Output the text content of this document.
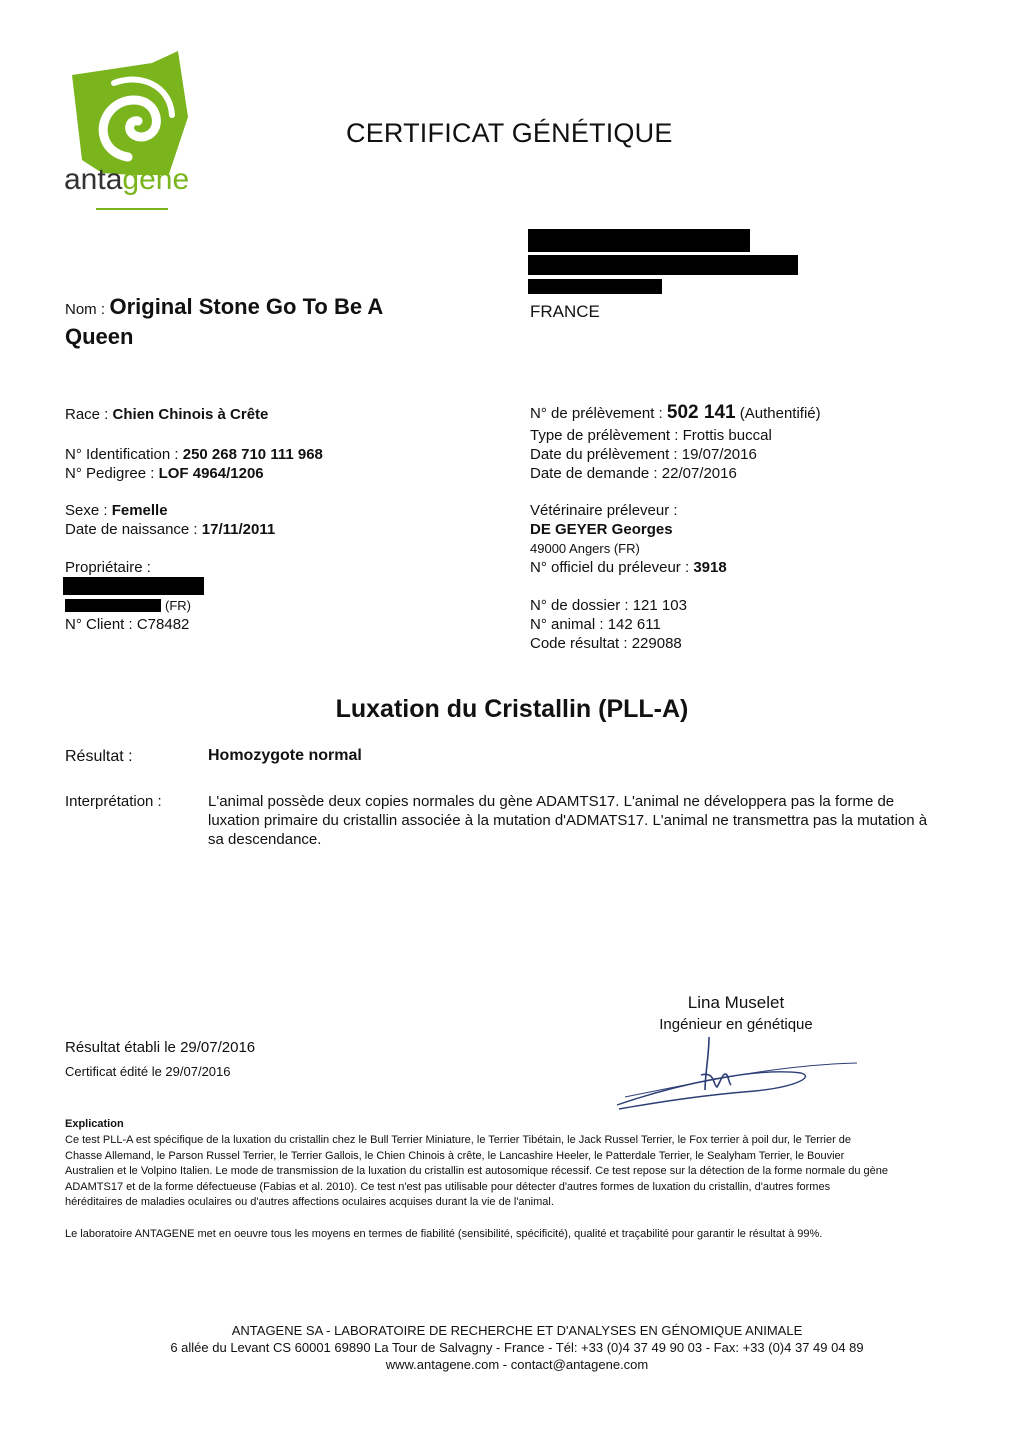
antagene
CERTIFICAT GÉNÉTIQUE
FRANCE
Nom : Original Stone Go To Be A
Queen
Race : Chien Chinois à Crête
N° Identification : 250 268 710 111 968
N° Pedigree : LOF 4964/1206
Sexe : Femelle
Date de naissance : 17/11/2011
Propriétaire :
(FR)
N° Client : C78482
N° de prélèvement : 502 141 (Authentifié)
Type de prélèvement : Frottis buccal
Date du prélèvement : 19/07/2016
Date de demande : 22/07/2016
Vétérinaire préleveur :
DE GEYER Georges
49000 Angers (FR)
N° officiel du préleveur : 3918
N° de dossier : 121 103
N° animal : 142 611
Code résultat : 229088
Luxation du Cristallin (PLL-A)
Résultat :	Homozygote normal
Interprétation :	L'animal possède deux copies normales du gène ADAMTS17. L'animal ne développera pas la forme de
luxation primaire du cristallin associée à la mutation d'ADMATS17. L'animal ne transmettra pas la mutation à
sa descendance.
Lina Muselet
Ingénieur en génétique
Résultat établi le 29/07/2016
Certificat édité le 29/07/2016
Explication
Ce test PLL-A est spécifique de la luxation du cristallin chez le Bull Terrier Miniature, le Terrier Tibétain, le Jack Russel Terrier, le Fox terrier à poil dur, le Terrier de
Chasse Allemand, le Parson Russel Terrier, le Terrier Gallois, le Chien Chinois à crête, le Lancashire Heeler, le Patterdale Terrier, le Sealyham Terrier, le Bouvier
Australien et le Volpino Italien. Le mode de transmission de la luxation du cristallin est autosomique récessif. Ce test repose sur la détection de la forme normale du gène
ADAMTS17 et de la forme défectueuse (Fabias et al. 2010). Ce test n'est pas utilisable pour détecter d'autres formes de luxation du cristallin, d'autres formes
héréditaires de maladies oculaires ou d'autres affections oculaires acquises durant la vie de l'animal.
Le laboratoire ANTAGENE met en oeuvre tous les moyens en termes de fiabilité (sensibilité, spécificité), qualité et traçabilité pour garantir le résultat à 99%.
ANTAGENE SA - LABORATOIRE DE RECHERCHE ET D'ANALYSES EN GÉNOMIQUE ANIMALE
6 allée du Levant CS 60001 69890 La Tour de Salvagny - France - Tél: +33 (0)4 37 49 90 03 - Fax: +33 (0)4 37 49 04 89
www.antagene.com - contact@antagene.com
